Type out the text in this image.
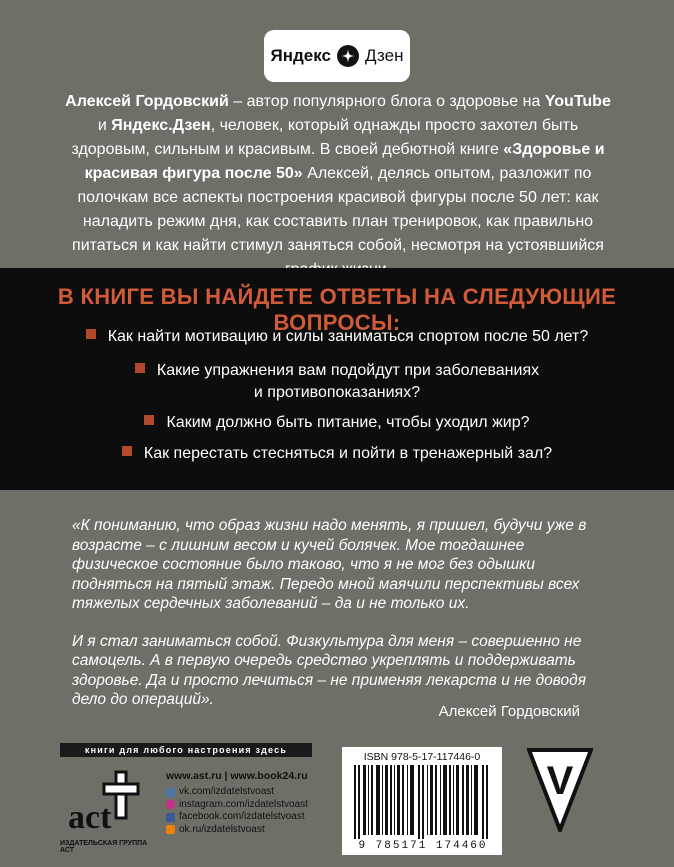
Яндекс Дзен
Алексей Гордовский – автор популярного блога о здоровье на YouTube и Яндекс.Дзен, человек, который однажды просто захотел быть здоровым, сильным и красивым. В своей дебютной книге «Здоровье и красивая фигура после 50» Алексей, делясь опытом, разложит по полочкам все аспекты построения красивой фигуры после 50 лет: как наладить режим дня, как составить план тренировок, как правильно питаться и как найти стимул заняться собой, несмотря на устоявшийся
В КНИГЕ ВЫ НАЙДЕТЕ ОТВЕТЫ НА СЛЕДУЮЩИЕ ВОПРОСЫ:
Как найти мотивацию и силы заниматься спортом после 50 лет?
Какие упражнения вам подойдут при заболеваниях
и противопоказаниях?
Каким должно быть питание, чтобы уходил жир?
Как перестать стесняться и пойти в тренажерный зал?
«К пониманию, что образ жизни надо менять, я пришел, будучи уже в возрасте – с лишним весом и кучей болячек. Мое тогдашнее физическое состояние было таково, что я не мог без одышки подняться на пятый этаж. Передо мной маячили перспективы всех тяжелых сердечных заболеваний – да и не только их.
И я стал заниматься собой. Физкультура для меня – совершенно не самоцель. А в первую очередь средство укреплять и поддерживать здоровье. Да и просто лечиться – не применяя лекарств и не доводя дело до операций».
Алексей Гордовский
книги для любого настроения здесь
act
ИЗДАТЕЛЬСКАЯ ГРУППА АСТ
www.ast.ru | www.book24.ru
vk.com/izdatelstvoast
instagram.com/izdatelstvoast
facebook.com/izdatelstvoast
ok.ru/izdatelstvoast
ISBN 978-5-17-117446-0
9 785171 174460
V
